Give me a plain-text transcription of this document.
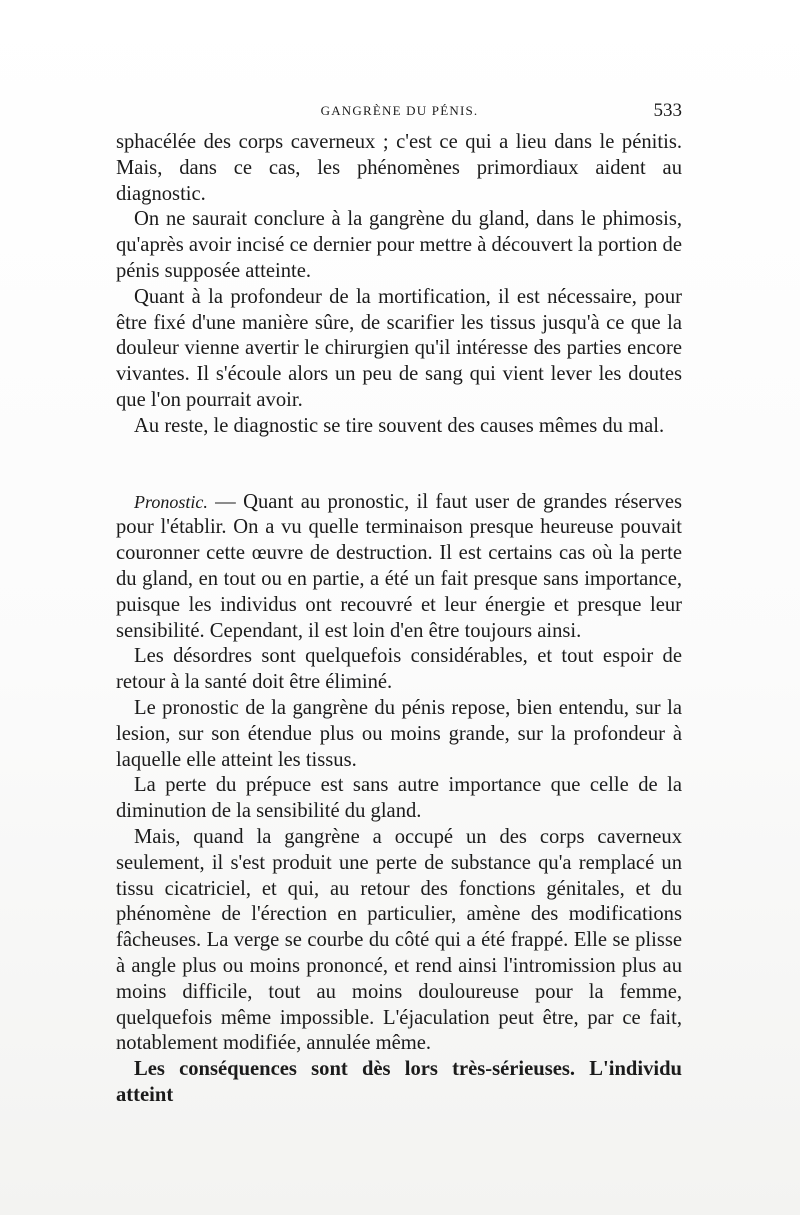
GANGRÈNE DU PÉNIS.	533

sphacélée des corps caverneux ; c'est ce qui a lieu dans le pénitis. Mais, dans ce cas, les phénomènes primordiaux aident au diagnostic.

On ne saurait conclure à la gangrène du gland, dans le phimosis, qu'après avoir incisé ce dernier pour mettre à découvert la portion de pénis supposée atteinte.

Quant à la profondeur de la mortification, il est nécessaire, pour être fixé d'une manière sûre, de scarifier les tissus jusqu'à ce que la douleur vienne avertir le chirurgien qu'il intéresse des parties encore vivantes. Il s'écoule alors un peu de sang qui vient lever les doutes que l'on pourrait avoir.

Au reste, le diagnostic se tire souvent des causes mêmes du mal.

Pronostic. — Quant au pronostic, il faut user de grandes réserves pour l'établir. On a vu quelle terminaison presque heureuse pouvait couronner cette œuvre de destruction. Il est certains cas où la perte du gland, en tout ou en partie, a été un fait presque sans importance, puisque les individus ont recouvré et leur énergie et presque leur sensibilité. Cependant, il est loin d'en être toujours ainsi.

Les désordres sont quelquefois considérables, et tout espoir de retour à la santé doit être éliminé.

Le pronostic de la gangrène du pénis repose, bien entendu, sur la lesion, sur son étendue plus ou moins grande, sur la profondeur à laquelle elle atteint les tissus.

La perte du prépuce est sans autre importance que celle de la diminution de la sensibilité du gland.

Mais, quand la gangrène a occupé un des corps caverneux seulement, il s'est produit une perte de substance qu'a remplacé un tissu cicatriciel, et qui, au retour des fonctions génitales, et du phénomène de l'érection en particulier, amène des modifications fâcheuses. La verge se courbe du côté qui a été frappé. Elle se plisse à angle plus ou moins prononcé, et rend ainsi l'intromission plus au moins difficile, tout au moins douloureuse pour la femme, quelquefois même impossible. L'éjaculation peut être, par ce fait, notablement modifiée, annulée même.

Les conséquences sont dès lors très-sérieuses. L'individu atteint
